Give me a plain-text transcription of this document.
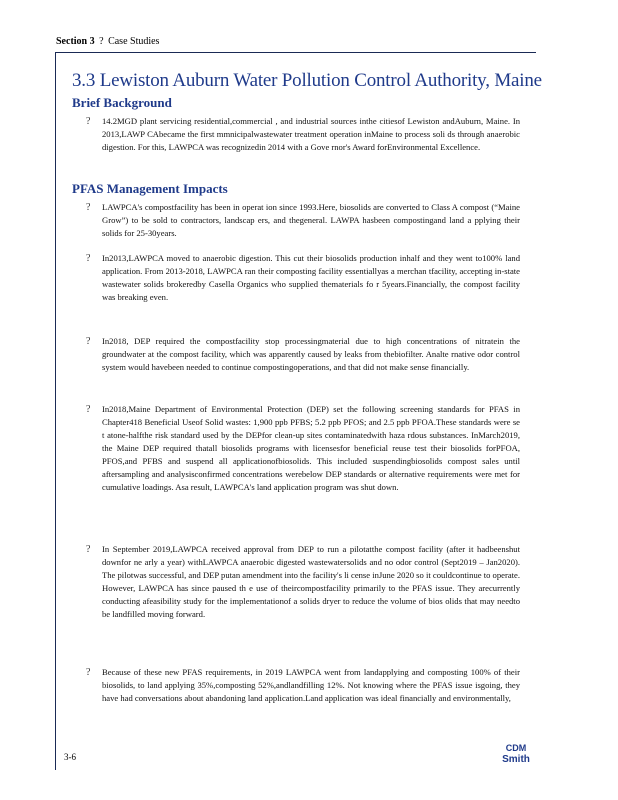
Section 3 ? Case Studies
3.3 Lewiston Auburn Water Pollution Control Authority, Maine
Brief Background
? 14.2MGD plant servicing residential,commercial , and industrial sources inthe citiesof Lewiston andAuburn, Maine. In 2013,LAWP CAbecame the first mmnicipalwastewater treatment operation inMaine to process soli ds through anaerobic digestion. For this, LAWPCA was recognizedin 2014 with a Gove rnor's Award forEnvironmental Excellence.

PFAS Management Impacts
? LAWPCA's compostfacility has been in operat ion since 1993.Here, biosolids are converted to Class A compost (“Maine Grow”) to be sold to contractors, landscap ers, and thegeneral. LAWPA hasbeen compostingand land a pplying their solids for 25-30years.

? In2013,LAWPCA moved to anaerobic digestion. This cut their biosolids production inhalf and they went to100% land application. From 2013-2018, LAWPCA ran their composting facility essentiallyas a merchan tfacility, accepting in-state wastewater solids brokeredby Casella Organics who supplied thematerials fo r 5years.Financially, the compost facility was breaking even.

? In2018, DEP required the compostfacility stop processingmaterial due to high concentrations of nitratein the groundwater at the compost facility, which was apparently caused by leaks from thebiofilter. Analte rnative odor control system would havebeen needed to continue compostingoperations, and that did not make sense financially.

? In2018,Maine Department of Environmental Protection (DEP) set the following screening standards for PFAS in Chapter418 Beneficial Useof Solid wastes: 1,900 ppb PFBS; 5.2 ppb PFOS; and 2.5 ppb PFOA.These standards were se t atone-halfthe risk standard used by the DEPfor clean-up sites contaminatedwith haza rdous substances. InMarch2019, the Maine DEP required thatall biosolids programs with licensesfor beneficial reuse test their biosolids forPFOA, PFOS,and PFBS and suspend all applicationofbiosolids. This included suspendingbiosolids compost sales until aftersampling and analysisconfirmed concentrations werebelow DEP standards or alternative requirements were met for cumulative loadings. Asa result, LAWPCA's land application program was shut down.

? In September 2019,LAWPCA received approval from DEP to run a pilotatthe compost facility (after it hadbeenshut downfor ne arly a year) withLAWPCA anaerobic digested wastewatersolids and no odor control (Sept2019 – Jan2020). The pilotwas successful, and DEP putan amendment into the facility's li cense inJune 2020 so it couldcontinue to operate. However, LAWPCA has since paused th e use of theircompostfacility primarily to the PFAS issue. They arecurrently conducting afeasibility study for the implementationof a solids dryer to reduce the volume of bios olids that may needto be landfilled moving forward.

? Because of these new PFAS requirements, in 2019 LAWPCA went from landapplying and composting 100% of their biosolids, to land applying 35%,composting 52%,andlandfilling 12%. Not knowing where the PFAS issue isgoing, they have had conversations about abandoning land application.Land application was ideal financially and environmentally,

3-6
CDM
Smith
